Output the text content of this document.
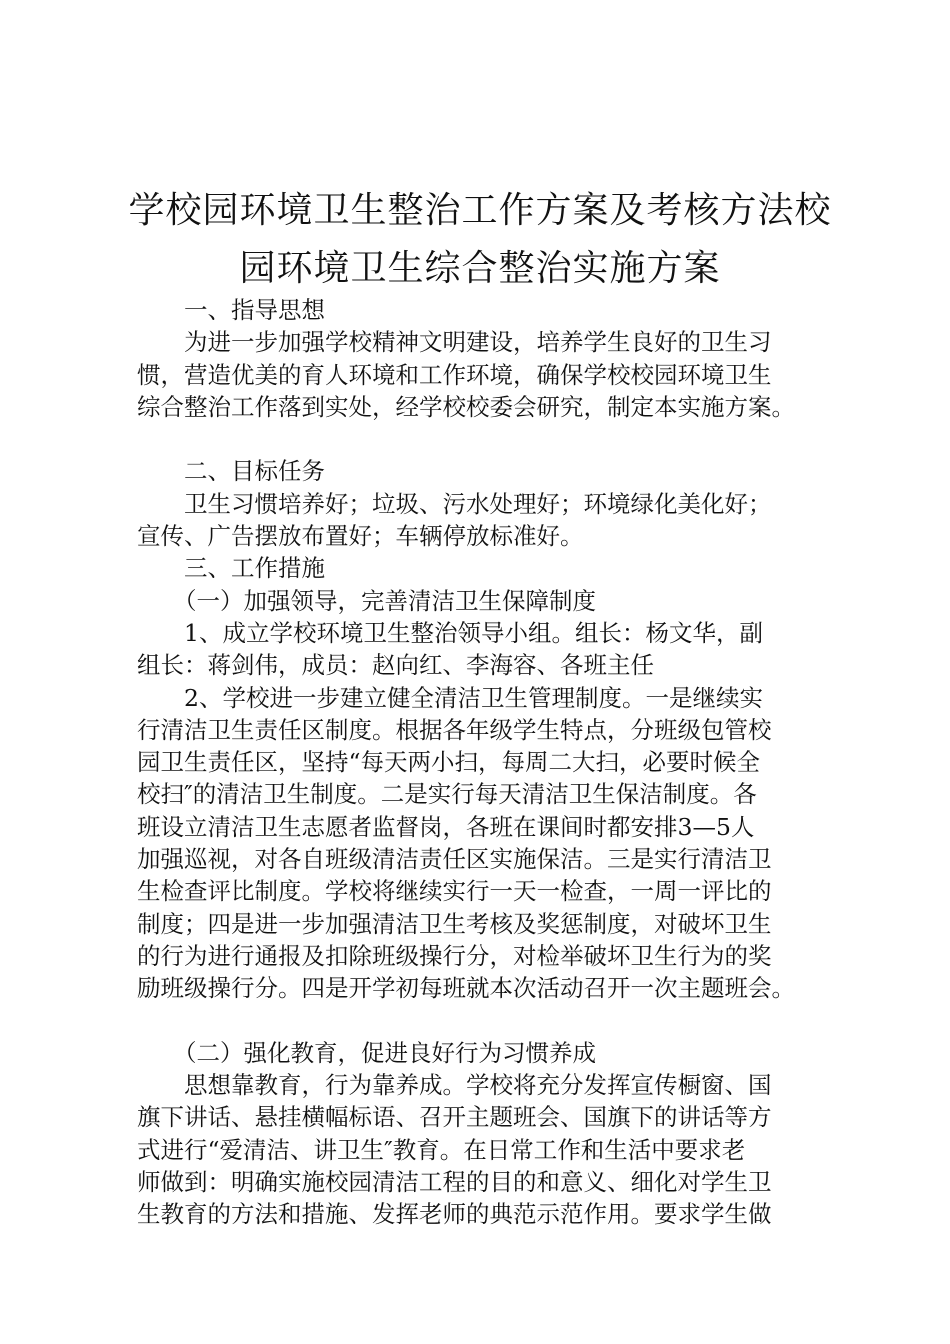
学校园环境卫生整治工作方案及考核方法校
园环境卫生综合整治实施方案
一、指导思想
为进一步加强学校精神文明建设，培养学生良好的卫生习
惯，营造优美的育人环境和工作环境，确保学校校园环境卫生
综合整治工作落到实处，经学校校委会研究，制定本实施方案。
二、目标任务
卫生习惯培养好；垃圾、污水处理好；环境绿化美化好；
宣传、广告摆放布置好；车辆停放标准好。
三、工作措施
（一）加强领导，完善清洁卫生保障制度
1、成立学校环境卫生整治领导小组。组长：杨文华，副
组长：蒋剑伟，成员：赵向红、李海容、各班主任
2、学校进一步建立健全清洁卫生管理制度。一是继续实
行清洁卫生责任区制度。根据各年级学生特点，分班级包管校
园卫生责任区，坚持“每天两小扫，每周二大扫，必要时候全
校扫″的清洁卫生制度。二是实行每天清洁卫生保洁制度。各
班设立清洁卫生志愿者监督岗，各班在课间时都安排3—5人
加强巡视，对各自班级清洁责任区实施保洁。三是实行清洁卫
生检查评比制度。学校将继续实行一天一检查，一周一评比的
制度；四是进一步加强清洁卫生考核及奖惩制度，对破坏卫生
的行为进行通报及扣除班级操行分，对检举破坏卫生行为的奖
励班级操行分。四是开学初每班就本次活动召开一次主题班会。
（二）强化教育，促进良好行为习惯养成
思想靠教育，行为靠养成。学校将充分发挥宣传橱窗、国
旗下讲话、悬挂横幅标语、召开主题班会、国旗下的讲话等方
式进行“爱清洁、讲卫生″教育。在日常工作和生活中要求老
师做到：明确实施校园清洁工程的目的和意义、细化对学生卫
生教育的方法和措施、发挥老师的典范示范作用。要求学生做
